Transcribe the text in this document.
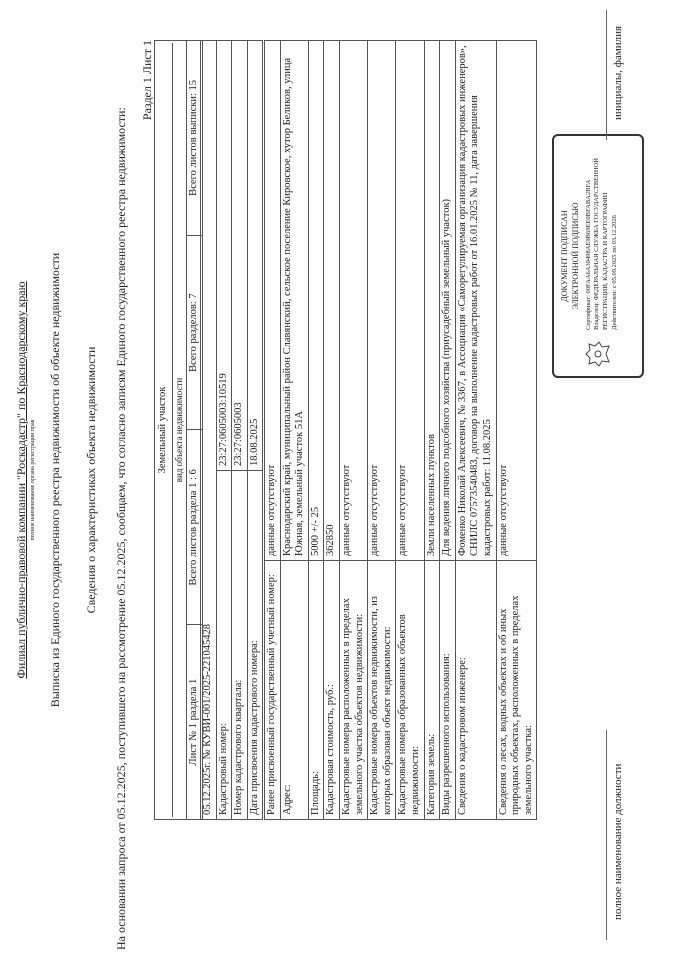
Филиал публично-правовой компании "Роскадастр" по Краснодарскому краю полное наименование органа регистрации прав Выписка из Единого государственного реестра недвижимости об объекте недвижимости Сведения о характеристиках объекта недвижимости На основании запроса от 05.12.2025, поступившего на рассмотрение 05.12.2025, сообщаем, что согласно записям Единого государственного реестра недвижимости:
Раздел 1 Лист 1
Земельный участок вид объекта недвижимости

Лист № 1 раздела 1	Всего листов раздела 1 : 6	Всего разделов: 7	Всего листов выписки: 15
05.12.2025г. № КУВИ-001/2025-221045428	
Кадастровый номер:	23:27:0605003:10519
Номер кадастрового квартала:	23:27:0605003
Дата присвоения кадастрового номера:	18.08.2025
Ранее присвоенный государственный учетный номер:	данные отсутствуют
Адрес:	Краснодарский край, муниципальный район Славянский, сельское поселение Кировское, хутор Беликов, улица Южная, земельный участок 51А
Площадь:	5000 +/- 25
Кадастровая стоимость, руб.:	362850
Кадастровые номера расположенных в пределах земельного участка объектов недвижимости:	данные отсутствуют
Кадастровые номера объектов недвижимости, из которых образован объект недвижимости:	данные отсутствуют
Кадастровые номера образованных объектов недвижимости:	данные отсутствуют
Категория земель:	Земли населенных пунктов
Виды разрешенного использования:	Для ведения личного подсобного хозяйства (приусадебный земельный участок)
Сведения о кадастровом инженере:	Фоменко Николай Алексеевич, № 3367, в Ассоциация «Саморегулируемая организация кадастровых инженеров», СНИЛС 07573540483, договор на выполнение кадастровых работ от 16.01.2025 № 11, дата завершения кадастровых работ: 11.08.2025
Сведения о лесах, водных объектах и об иных природных объектах, расположенных в пределах земельного участка:	данные отсутствуют
ДОКУМЕНТ ПОДПИСАН ЭЛЕКТРОННОЙ ПОДПИСЬЮ Сертификат: 00FAA6A39498AE9B69EE0BFABA2BFA Владелец: ФЕДЕРАЛЬНАЯ СЛУЖБА ГОСУДАРСТВЕННОЙ РЕГИСТРАЦИИ, КАДАСТРА И КАРТОГРАФИИ Действителен: с 05.09.2025 по 03.12.2026
полное наименование должности
инициалы, фамилия
